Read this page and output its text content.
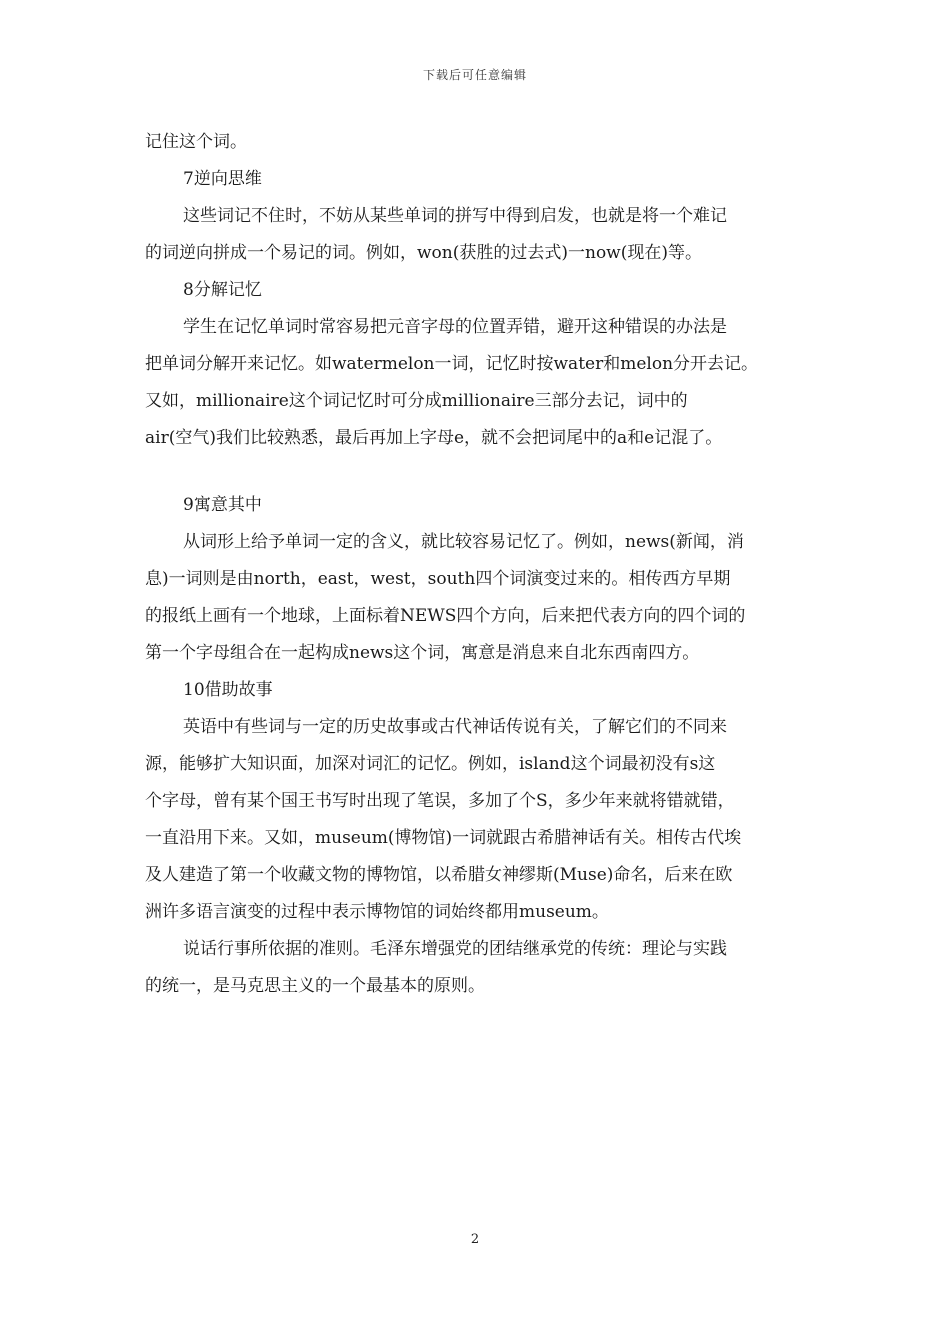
下载后可任意编辑
记住这个词。
7逆向思维
这些词记不住时，不妨从某些单词的拼写中得到启发，也就是将一个难记
的词逆向拼成一个易记的词。例如，won(获胜的过去式)一now(现在)等。
8分解记忆
学生在记忆单词时常容易把元音字母的位置弄错，避开这种错误的办法是
把单词分解开来记忆。如watermelon一词，记忆时按water和melon分开去记。
又如，millionaire这个词记忆时可分成millionaire三部分去记，词中的
air(空气)我们比较熟悉，最后再加上字母e，就不会把词尾中的a和e记混了。
9寓意其中
从词形上给予单词一定的含义，就比较容易记忆了。例如，news(新闻，消
息)一词则是由north，east，west，south四个词演变过来的。相传西方早期
的报纸上画有一个地球，上面标着NEWS四个方向，后来把代表方向的四个词的
第一个字母组合在一起构成news这个词，寓意是消息来自北东西南四方。
10借助故事
英语中有些词与一定的历史故事或古代神话传说有关，了解它们的不同来
源，能够扩大知识面，加深对词汇的记忆。例如，island这个词最初没有s这
个字母，曾有某个国王书写时出现了笔误，多加了个S，多少年来就将错就错，
一直沿用下来。又如，museum(博物馆)一词就跟古希腊神话有关。相传古代埃
及人建造了第一个收藏文物的博物馆，以希腊女神缪斯(Muse)命名，后来在欧
洲许多语言演变的过程中表示博物馆的词始终都用museum。
说话行事所依据的准则。毛泽东增强党的团结继承党的传统：理论与实践
的统一，是马克思主义的一个最基本的原则。
2
